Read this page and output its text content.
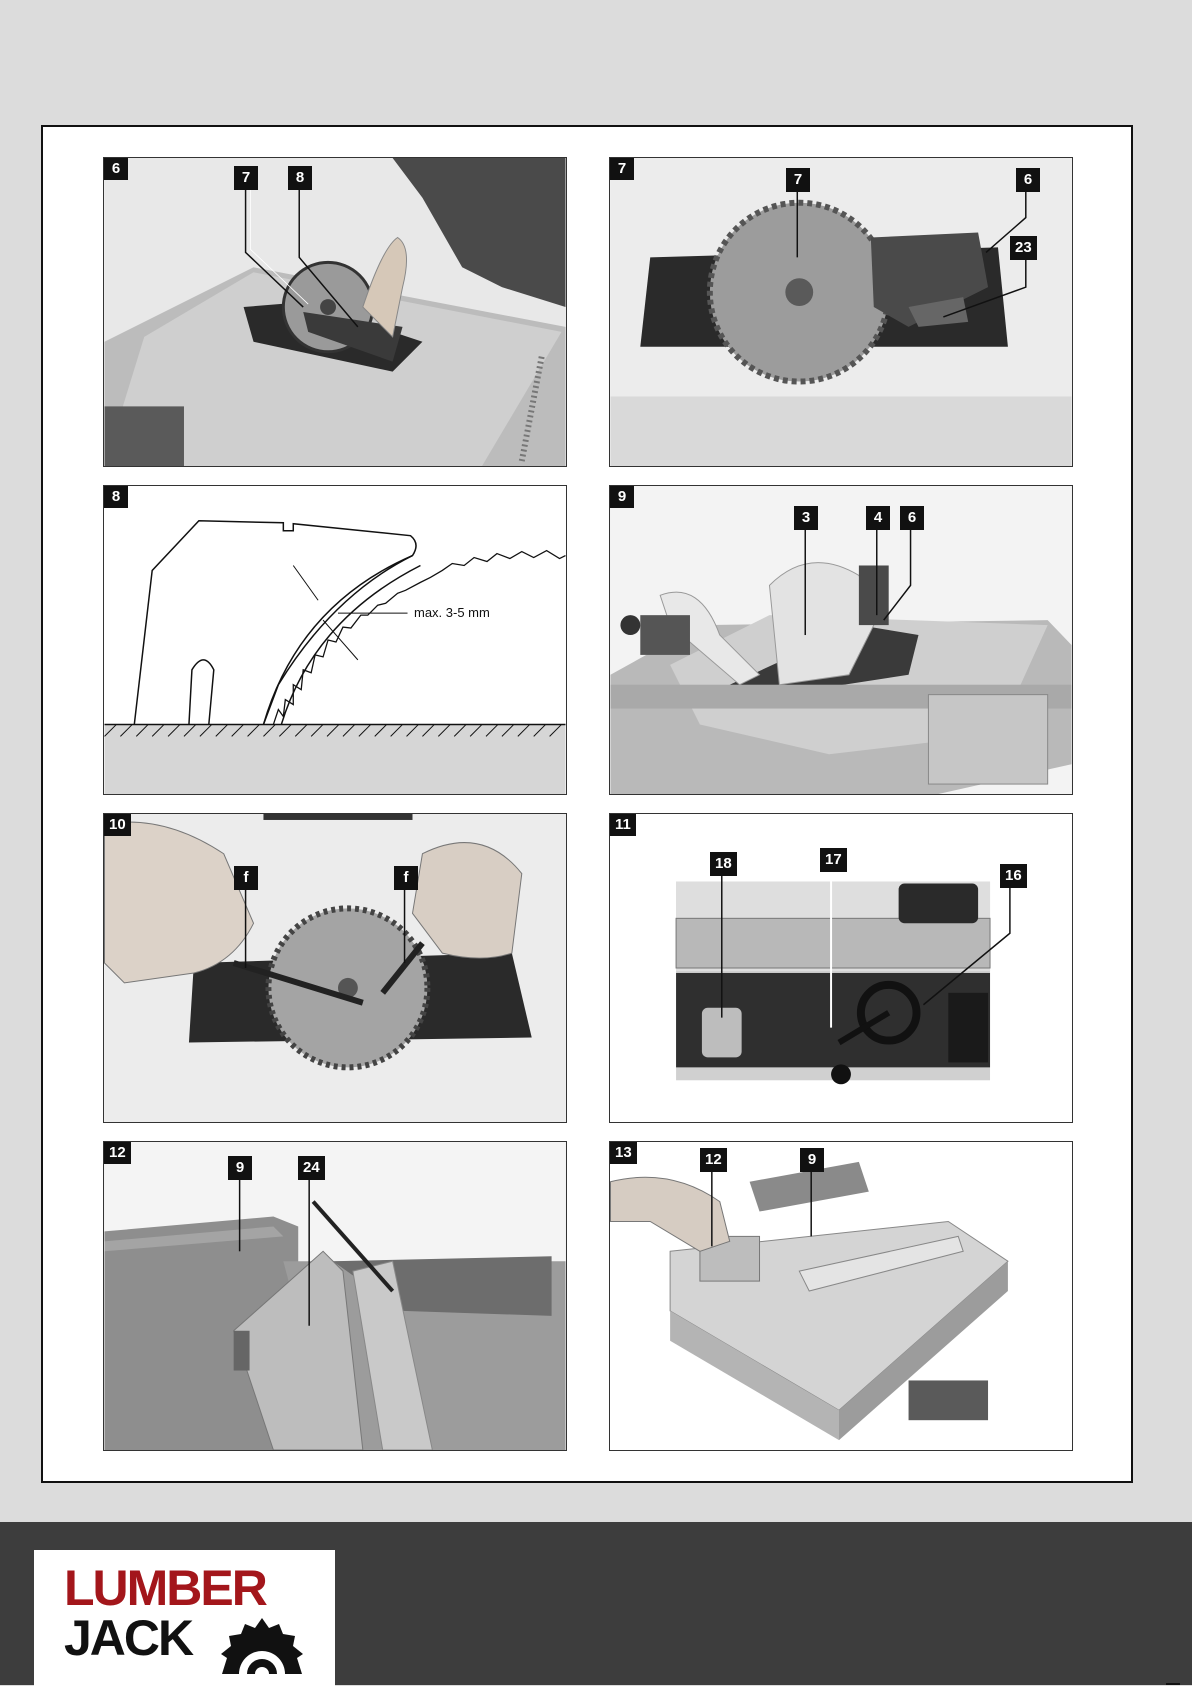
6
7	8
7
7	6
23
8
max. 3-5 mm
9
3	4	6
10
f	f
11
18	17
16
12
9	24
13	12	9
LUMBER
JACK
